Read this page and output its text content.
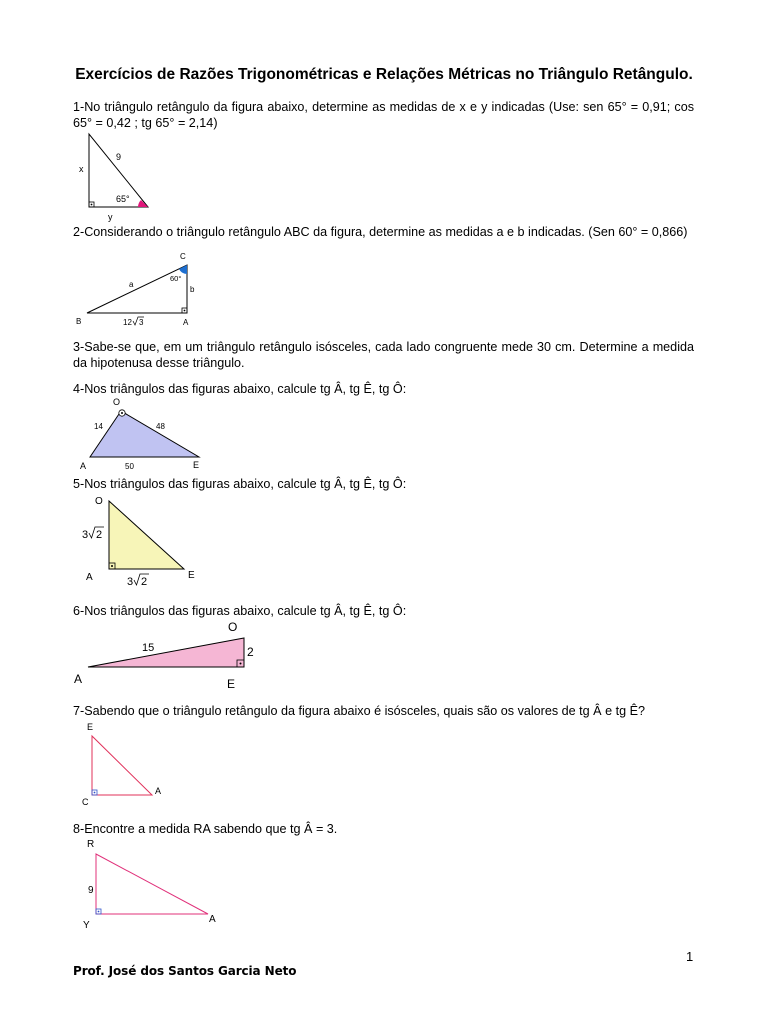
Exercícios de Razões Trigonométricas e Relações Métricas no Triângulo Retângulo.
1-No triângulo retângulo da figura abaixo, determine as medidas de x e y indicadas (Use: sen 65° = 0,91; cos 65° = 0,42 ; tg 65° = 2,14)
9
x
y
65°
2-Considerando o triângulo retângulo ABC da figura, determine as medidas a e b indicadas. (Sen 60° = 0,866)
C
B	A
a
b
60°
12 3
3-Sabe-se que, em um triângulo retângulo isósceles, cada lado congruente mede 30 cm. Determine a medida da hipotenusa desse triângulo.
4-Nos triângulos das figuras abaixo, calcule tg Â, tg Ê, tg Ô:
O
A	E
14	48
50
5-Nos triângulos das figuras abaixo, calcule tg Â, tg Ê, tg Ô:
O
A	E
3 2
3 2
6-Nos triângulos das figuras abaixo, calcule tg Â, tg Ê, tg Ô:
O
A	E
15	2
7-Sabendo que o triângulo retângulo da figura abaixo é isósceles, quais são os valores de tg Â e tg Ê?
E
C
A
8-Encontre a medida RA sabendo que tg Â = 3.
R
Y
A
9
1
Prof. José dos Santos Garcia Neto
